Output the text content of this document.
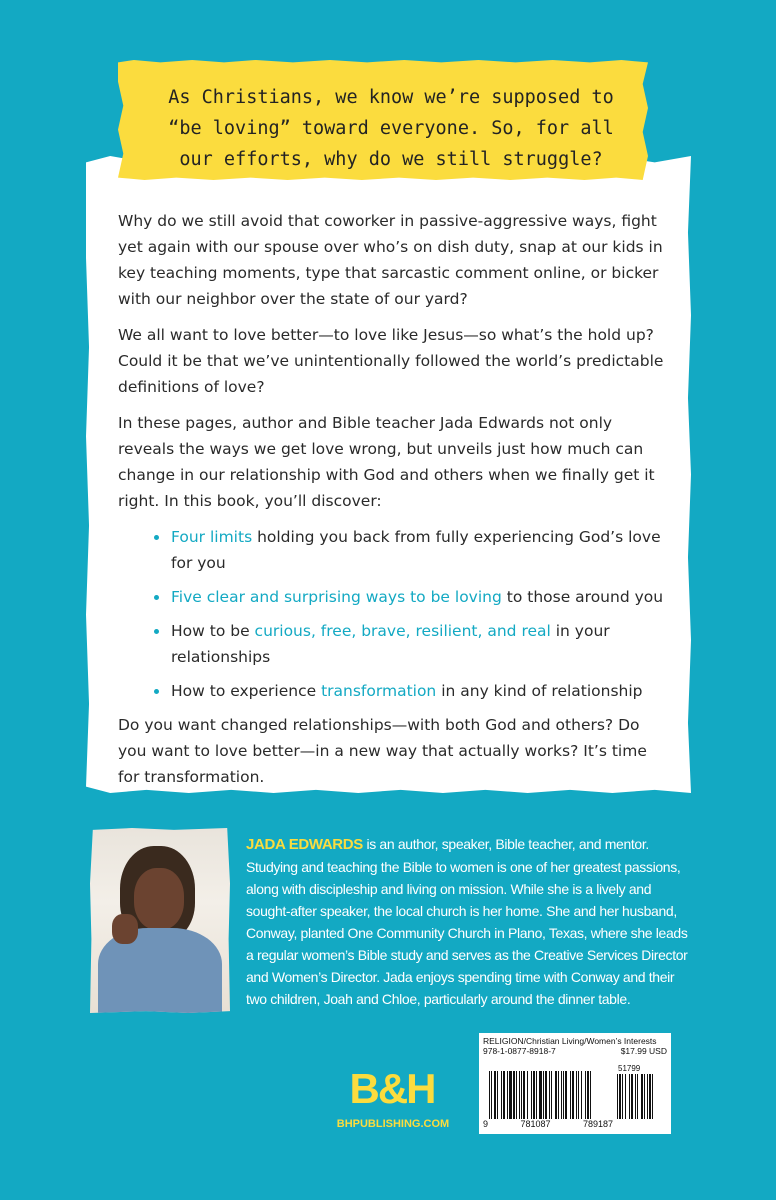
As Christians, we know we’re supposed to
“be loving” toward everyone. So, for all
our efforts, why do we still struggle?

Why do we still avoid that coworker in passive-aggressive ways, fight yet again with our spouse over who’s on dish duty, snap at our kids in key teaching moments, type that sarcastic comment online, or bicker with our neighbor over the state of our yard?

We all want to love better—to love like Jesus—so what’s the hold up? Could it be that we’ve unintentionally followed the world’s predictable definitions of love?

In these pages, author and Bible teacher Jada Edwards not only reveals the ways we get love wrong, but unveils just how much can change in our relationship with God and others when we finally get it right. In this book, you’ll discover:

Four limits holding you back from fully experiencing God’s love for you
Five clear and surprising ways to be loving to those around you
How to be curious, free, brave, resilient, and real in your relationships
How to experience transformation in any kind of relationship

Do you want changed relationships—with both God and others? Do you want to love better—in a new way that actually works? It’s time for transformation.

JADA EDWARDS is an author, speaker, Bible teacher, and mentor. Studying and teaching the Bible to women is one of her greatest passions, along with discipleship and living on mission. While she is a lively and sought-after speaker, the local church is her home. She and her husband, Conway, planted One Community Church in Plano, Texas, where she leads a regular women’s Bible study and serves as the Creative Services Director and Women’s Director. Jada enjoys spending time with Conway and their two children, Joah and Chloe, particularly around the dinner table.
B&H
BHPUBLISHING.COM
RELIGION/Christian Living/Women’s Interests
978-1-0877-8918-7	$17.99 USD
51799
9	781087	789187
